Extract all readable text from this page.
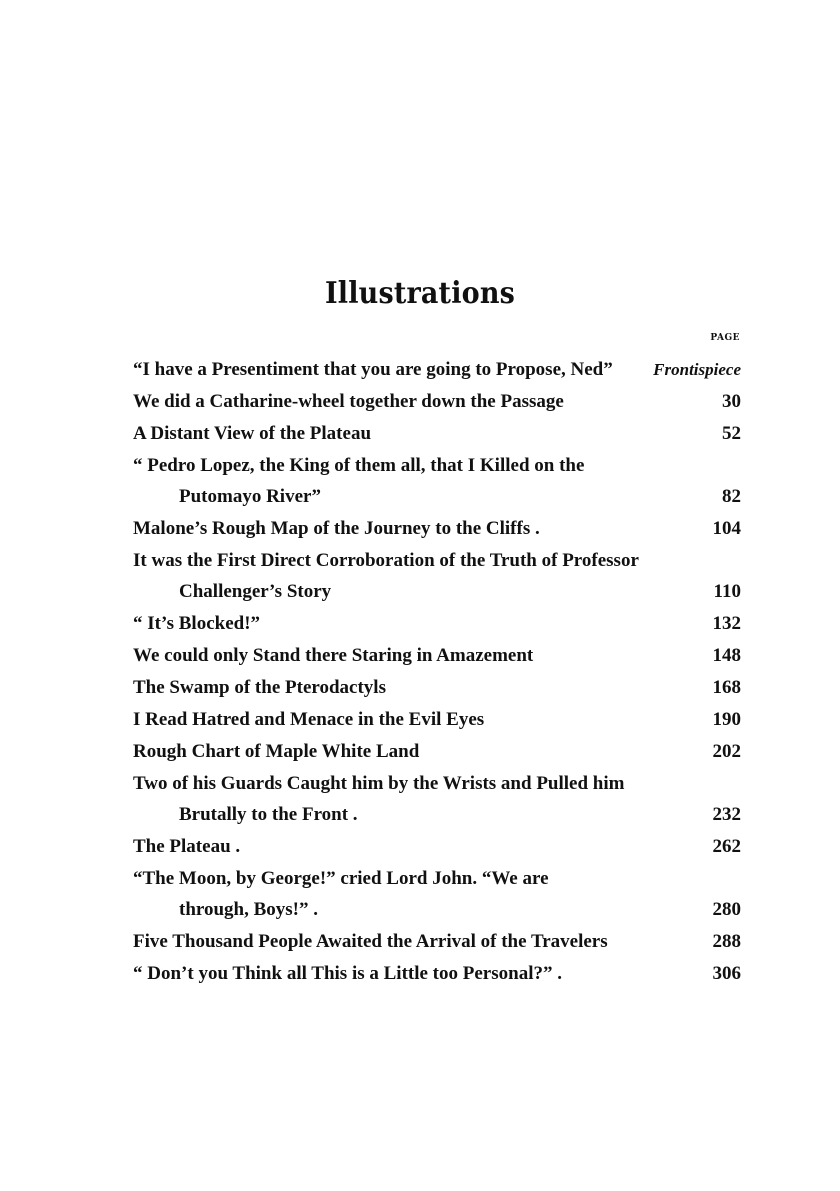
Illustrations
PAGE
“I have a Presentiment that you are going to Propose, Ned” Frontispiece
We did a Catharine-wheel together down the Passage	30
A Distant View of the Plateau	52
“ Pedro Lopez, the King of them all, that I Killed on the
Putomayo River”	82
Malone’s Rough Map of the Journey to the Cliffs .	104
It was the First Direct Corroboration of the Truth of Professor
Challenger’s Story	110
“ It’s Blocked!”	132
We could only Stand there Staring in Amazement	148
The Swamp of the Pterodactyls	168
I Read Hatred and Menace in the Evil Eyes	190
Rough Chart of Maple White Land	202
Two of his Guards Caught him by the Wrists and Pulled him
Brutally to the Front .	232
The Plateau .	262
“The Moon, by George!” cried Lord John. “We are
through, Boys!” .	280
Five Thousand People Awaited the Arrival of the Travelers	288
“ Don’t you Think all This is a Little too Personal?” .	306
